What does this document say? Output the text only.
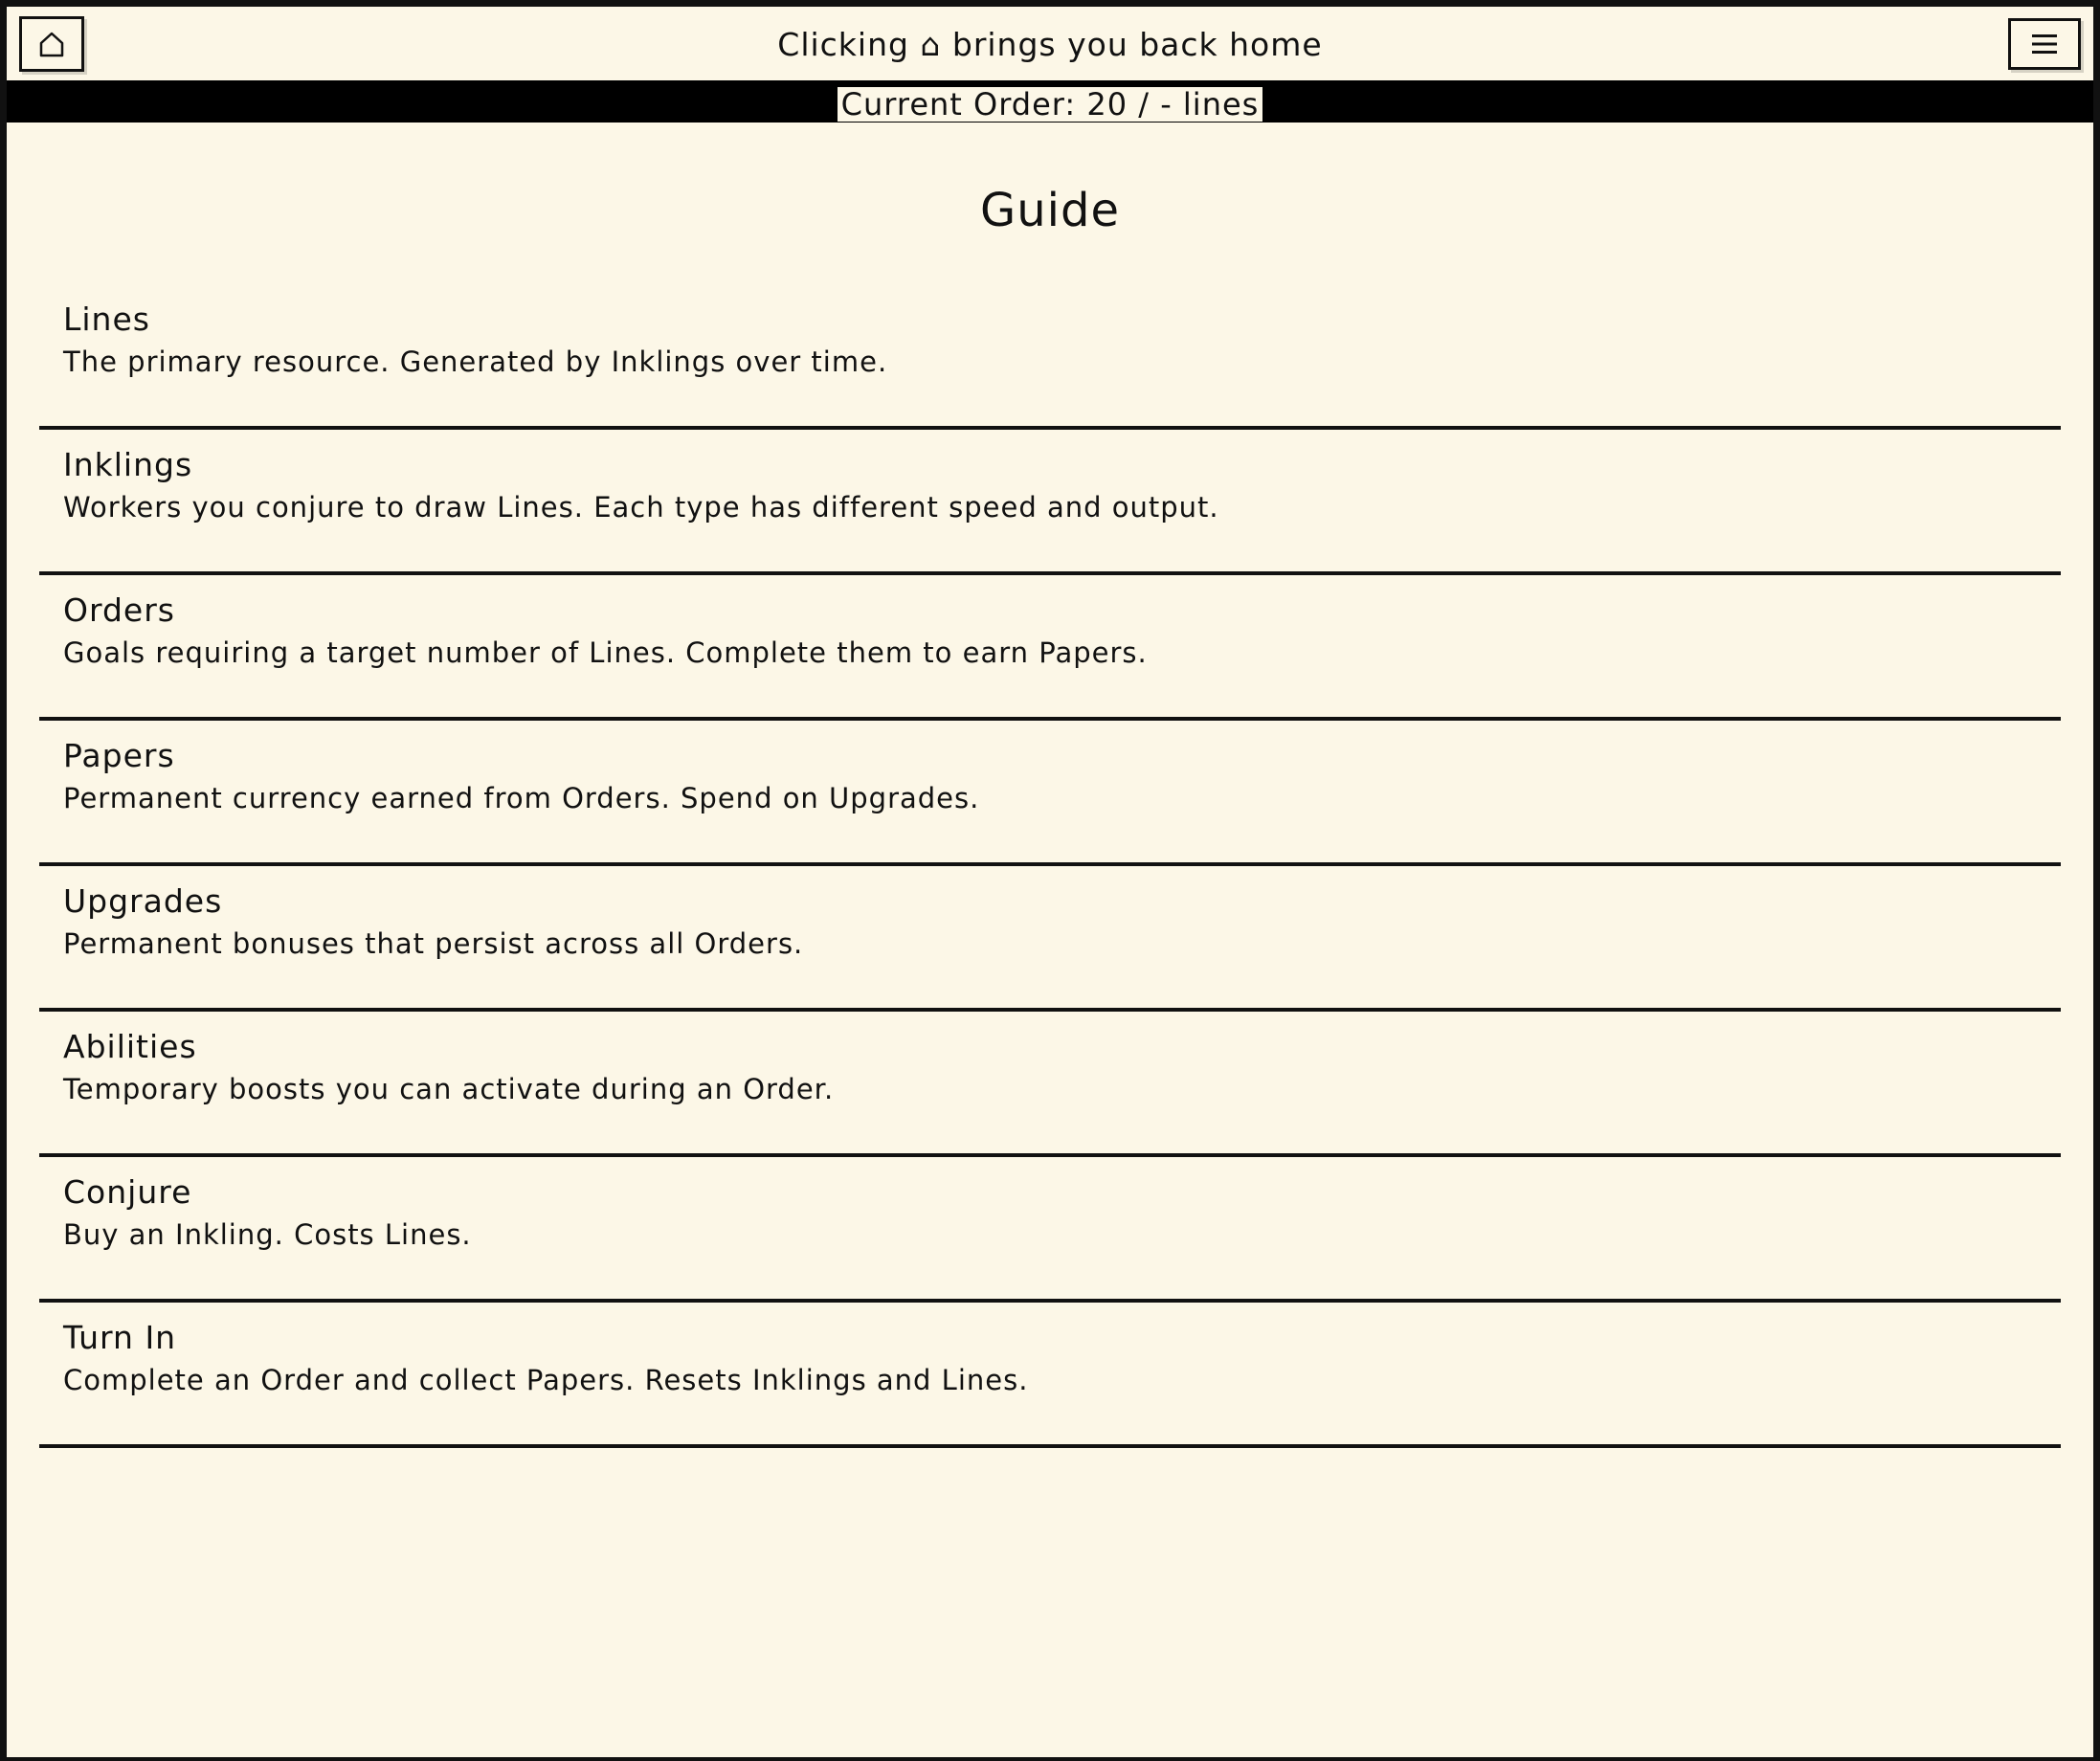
Clicking ⌂ brings you back home
Current Order: 20 / - lines
Guide
Lines
The primary resource. Generated by Inklings over time.
Inklings
Workers you conjure to draw Lines. Each type has different speed and output.
Orders
Goals requiring a target number of Lines. Complete them to earn Papers.
Papers
Permanent currency earned from Orders. Spend on Upgrades.
Upgrades
Permanent bonuses that persist across all Orders.
Abilities
Temporary boosts you can activate during an Order.
Conjure
Buy an Inkling. Costs Lines.
Turn In
Complete an Order and collect Papers. Resets Inklings and Lines.
